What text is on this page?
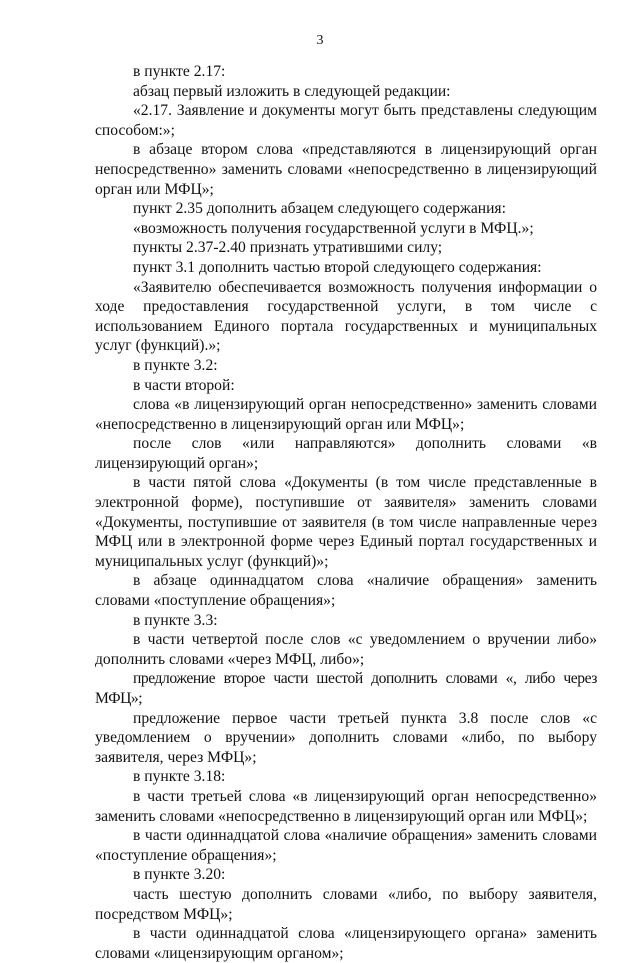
3

в пункте 2.17:

абзац первый изложить в следующей редакции:

«2.17. Заявление и документы могут быть представлены следующим способом:»;

в абзаце втором слова «представляются в лицензирующий орган непосредственно» заменить словами «непосредственно в лицензирующий орган или МФЦ»;

пункт 2.35 дополнить абзацем следующего содержания:

«возможность получения государственной услуги в МФЦ.»;

пункты 2.37-2.40 признать утратившими силу;

пункт 3.1 дополнить частью второй следующего содержания:

«Заявителю обеспечивается возможность получения информации о ходе предоставления государственной услуги, в том числе с использованием Единого портала государственных и муниципальных услуг (функций).»;

в пункте 3.2:

в части второй:

слова «в лицензирующий орган непосредственно» заменить словами «непосредственно в лицензирующий орган или МФЦ»;

после слов «или направляются» дополнить словами «в лицензирующий орган»;

в части пятой слова «Документы (в том числе представленные в электронной форме), поступившие от заявителя» заменить словами «Документы, поступившие от заявителя (в том числе направленные через МФЦ или в электронной форме через Единый портал государственных и муниципальных услуг (функций)»;

в абзаце одиннадцатом слова «наличие обращения» заменить словами «поступление обращения»;

в пункте 3.3:

в части четвертой после слов «с уведомлением о вручении либо» дополнить словами «через МФЦ, либо»;

предложение второе части шестой дополнить словами «, либо через МФЦ»;

предложение первое части третьей пункта 3.8 после слов «с уведомлением о вручении» дополнить словами «либо, по выбору заявителя, через МФЦ»;

в пункте 3.18:

в части третьей слова «в лицензирующий орган непосредственно» заменить словами «непосредственно в лицензирующий орган или МФЦ»;

в части одиннадцатой слова «наличие обращения» заменить словами «поступление обращения»;

в пункте 3.20:

часть шестую дополнить словами «либо, по выбору заявителя, посредством МФЦ»;

в части одиннадцатой слова «лицензирующего органа» заменить словами «лицензирующим органом»;
